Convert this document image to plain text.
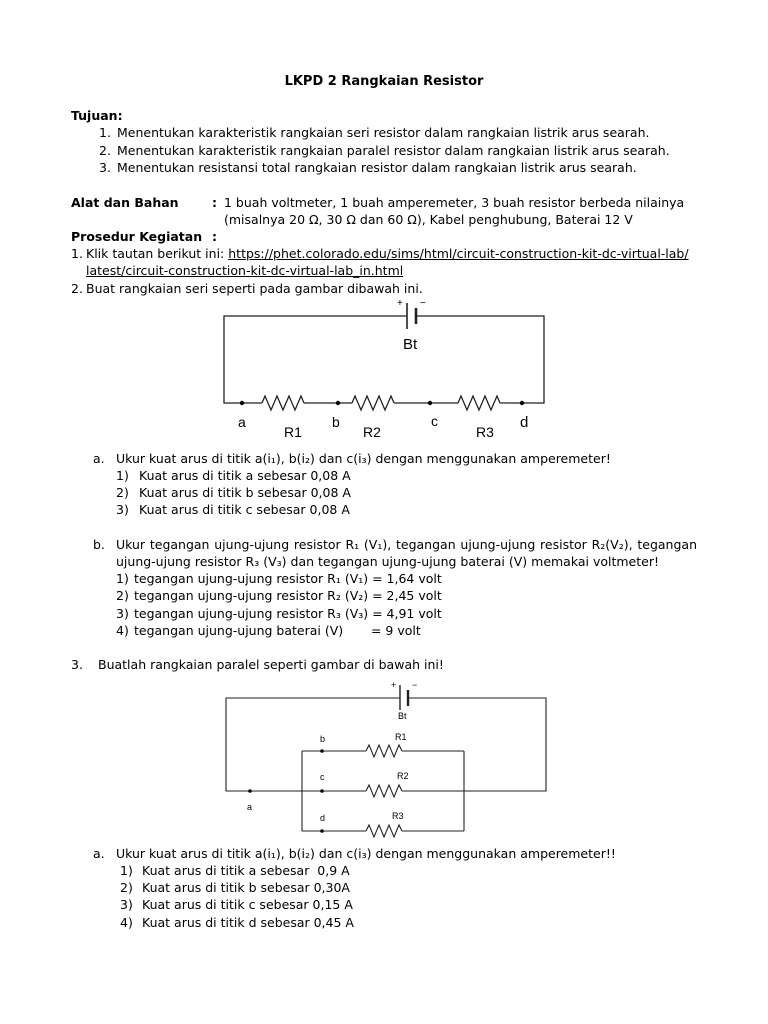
LKPD 2 Rangkaian Resistor
Tujuan:
1. Menentukan karakteristik rangkaian seri resistor dalam rangkaian listrik arus searah.
2. Menentukan karakteristik rangkaian paralel resistor dalam rangkaian listrik arus searah.
3. Menentukan resistansi total rangkaian resistor dalam rangkaian listrik arus searah.
Alat dan Bahan	: 1 buah voltmeter, 1 buah amperemeter, 3 buah resistor berbeda nilainya
(misalnya 20 Ω, 30 Ω dan 60 Ω), Kabel penghubung, Baterai 12 V
Prosedur Kegiatan :
1. Klik tautan berikut ini: https://phet.colorado.edu/sims/html/circuit-construction-kit-dc-virtual-lab/
latest/circuit-construction-kit-dc-virtual-lab_in.html
2. Buat rangkaian seri seperti pada gambar dibawah ini.
+ −
Bt
a	b	c	d
R1	R2	R3
a. Ukur kuat arus di titik a(i₁), b(i₂) dan c(i₃) dengan menggunakan amperemeter!
1) Kuat arus di titik a sebesar 0,08 A
2) Kuat arus di titik b sebesar 0,08 A
3) Kuat arus di titik c sebesar 0,08 A
b. Ukur tegangan ujung-ujung resistor R₁ (V₁), tegangan ujung-ujung resistor R₂(V₂), tegangan
ujung-ujung resistor R₃ (V₃) dan tegangan ujung-ujung baterai (V) memakai voltmeter!
1) tegangan ujung-ujung resistor R₁ (V₁) = 1,64 volt
2) tegangan ujung-ujung resistor R₂ (V₂) = 2,45 volt
3) tegangan ujung-ujung resistor R₃ (V₃) = 4,91 volt
4) tegangan ujung-ujung baterai (V)       = 9 volt
3. Buatlah rangkaian paralel seperti gambar di bawah ini!
+ −
Bt
a
b
c
d
R1
R2
R3
a. Ukur kuat arus di titik a(i₁), b(i₂) dan c(i₃) dengan menggunakan amperemeter!!
1) Kuat arus di titik a sebesar  0,9 A
2) Kuat arus di titik b sebesar 0,30A
3) Kuat arus di titik c sebesar 0,15 A
4) Kuat arus di titik d sebesar 0,45 A
